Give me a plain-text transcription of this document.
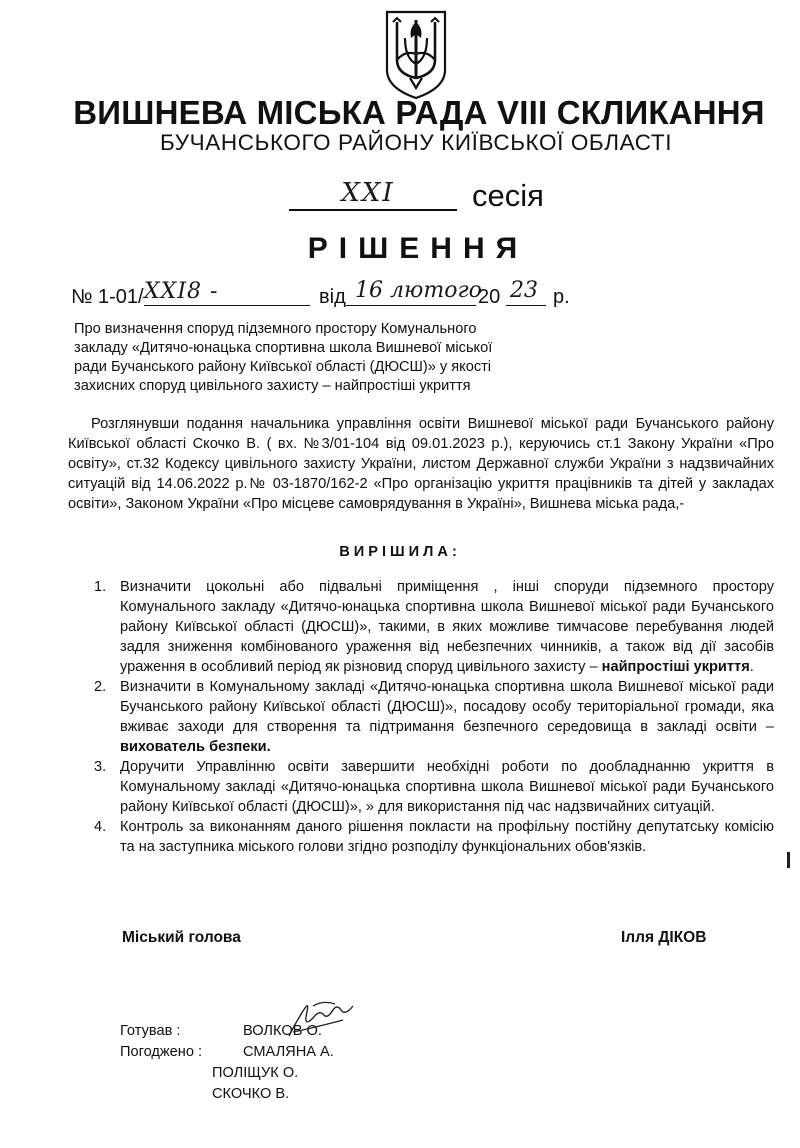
ВИШНЕВА МІСЬКА РАДА VIII СКЛИКАННЯ
БУЧАНСЬКОГО РАЙОНУ КИЇВСЬКОЇ ОБЛАСТІ
XXI	сесія
РІШЕННЯ
№ 1-01/ XXI8 -	від 16 лютого
20 23 р.
Про визначення споруд підземного простору Комунального закладу «Дитячо-юнацька спортивна школа Вишневої міської ради Бучанського району Київської області (ДЮСШ)» у якості захисних споруд цивільного захисту – найпростіші укриття
Розглянувши подання начальника управління освіти Вишневої міської ради Бучанського району Київської області Скочко В. ( вх. №3/01-104 від 09.01.2023 р.), керуючись ст.1 Закону України «Про освіту», ст.32 Кодексу цивільного захисту України, листом Державної служби України з надзвичайних ситуацій від 14.06.2022 р.№ 03-1870/162-2 «Про організацію укриття працівників та дітей у закладах освіти», Законом України «Про місцеве самоврядування в Україні», Вишнева міська рада,-
ВИРІШИЛА:
1. Визначити цокольні або підвальні приміщення , інші споруди підземного простору Комунального закладу «Дитячо-юнацька спортивна школа Вишневої міської ради Бучанського району Київської області (ДЮСШ)», такими, в яких можливе тимчасове перебування людей задля зниження комбінованого ураження від небезпечних чинників, а також від дії засобів ураження в особливий період як різновид споруд цивільного захисту – найпростіші укриття.
2. Визначити в Комунальному закладі «Дитячо-юнацька спортивна школа Вишневої міської ради Бучанського району Київської області (ДЮСШ)», посадову особу територіальної громади, яка вживає заходи для створення та підтримання безпечного середовища в закладі освіти – вихователь безпеки.
3. Доручити Управлінню освіти завершити необхідні роботи по дообладнанню укриття в Комунальному закладі «Дитячо-юнацька спортивна школа Вишневої міської ради Бучанського району Київської області (ДЮСШ)», » для використання під час надзвичайних ситуацій.
4. Контроль за виконанням даного рішення покласти на профільну постійну депутатську комісію та на заступника міського голови згідно розподілу функціональних обов'язків.
Міський голова	Ілля ДІКОВ
Готував :	ВОЛКОВ О.
Погоджено :	СМАЛЯНА А.
ПОЛІЩУК О.
СКОЧКО В.
